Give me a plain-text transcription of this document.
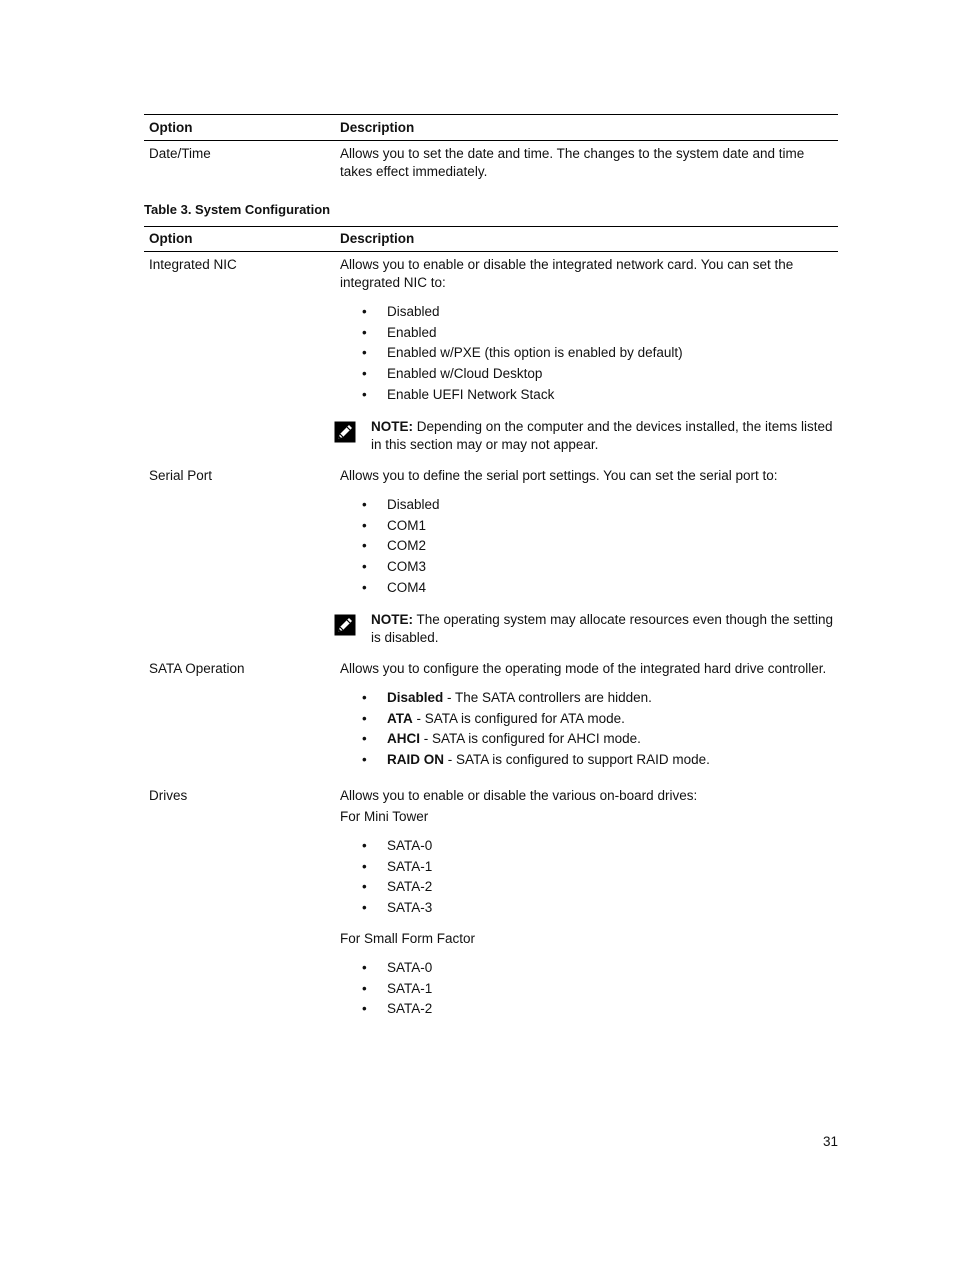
Option	Description
Date/Time	Allows you to set the date and time. The changes to the system date and time takes effect immediately.
Table 3. System Configuration
Option	Description
Integrated NIC	Allows you to enable or disable the integrated network card. You can set the integrated NIC to:
• Disabled
• Enabled
• Enabled w/PXE (this option is enabled by default)
• Enabled w/Cloud Desktop
• Enable UEFI Network Stack
NOTE: Depending on the computer and the devices installed, the items listed in this section may or may not appear.
Serial Port	Allows you to define the serial port settings. You can set the serial port to:
• Disabled
• COM1
• COM2
• COM3
• COM4
NOTE: The operating system may allocate resources even though the setting is disabled.
SATA Operation	Allows you to configure the operating mode of the integrated hard drive controller.
• Disabled - The SATA controllers are hidden.
• ATA - SATA is configured for ATA mode.
• AHCI - SATA is configured for AHCI mode.
• RAID ON - SATA is configured to support RAID mode.
Drives	Allows you to enable or disable the various on-board drives:
For Mini Tower
• SATA-0
• SATA-1
• SATA-2
• SATA-3
For Small Form Factor
• SATA-0
• SATA-1
• SATA-2
31
